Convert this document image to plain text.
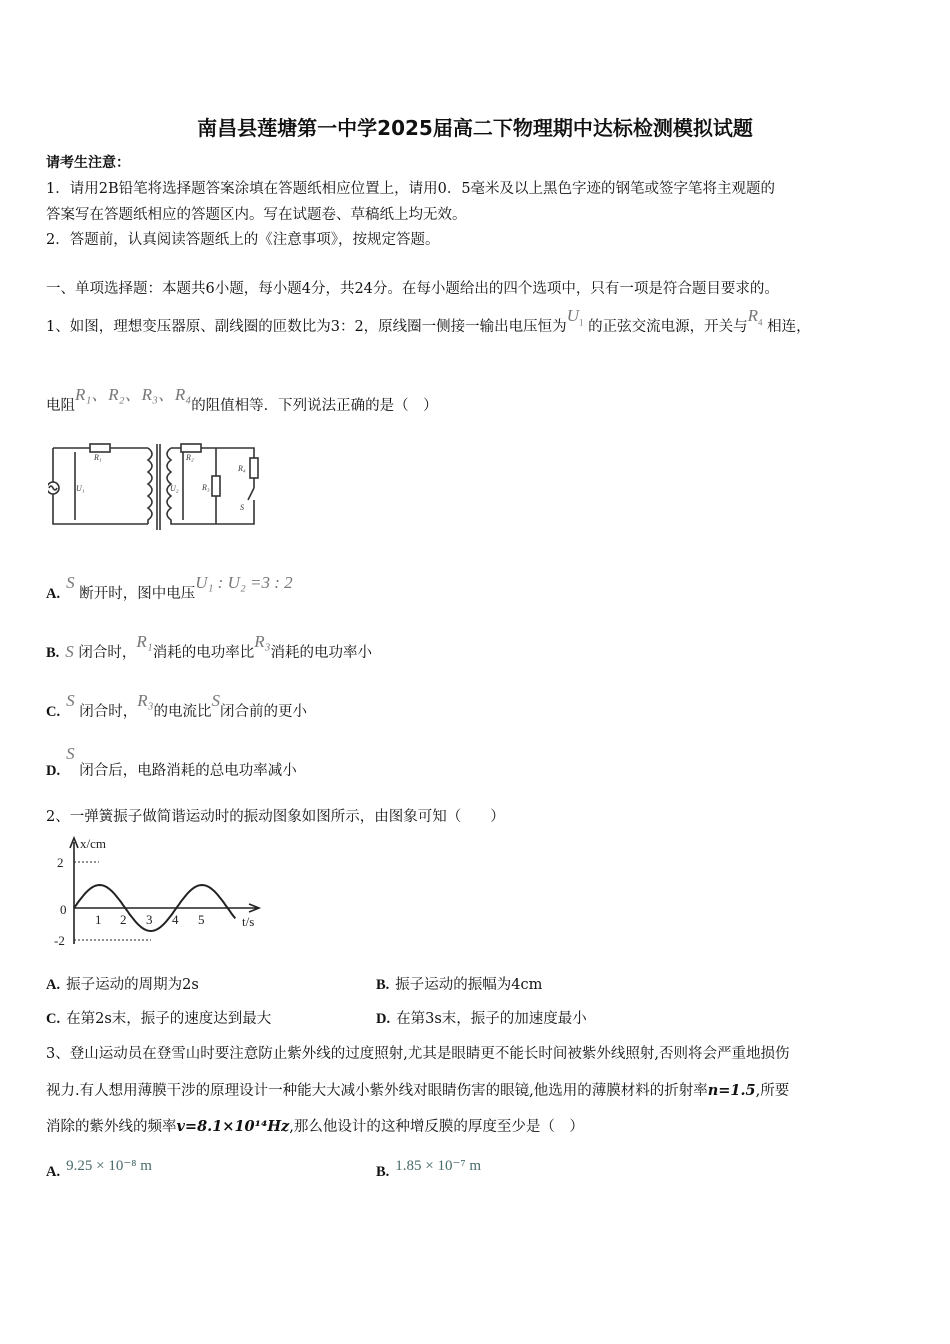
南昌县莲塘第一中学2025届高二下物理期中达标检测模拟试题
请考生注意：
1．请用2B铅笔将选择题答案涂填在答题纸相应位置上，请用0．5毫米及以上黑色字迹的钢笔或签字笔将主观题的
答案写在答题纸相应的答题区内。写在试题卷、草稿纸上均无效。
2．答题前，认真阅读答题纸上的《注意事项》，按规定答题。
一、单项选择题：本题共6小题，每小题4分，共24分。在每小题给出的四个选项中，只有一项是符合题目要求的。
1、如图，理想变压器原、副线圈的匝数比为3：2，原线圈一侧接一输出电压恒为$U_1$ 的正弦交流电源，开关与$R_4$ 相连，
电阻R₁、R₂、R₃、R₄的阻值相等．下列说法正确的是（　）
R₁	R₂
R₃
R₄
U₁	U₂
S
A.S 断开时，图中电压U₁ : U₂ =3 : 2
B. S 闭合时，R₁消耗的电功率比R₃消耗的电功率小
C.S 闭合时，R₃的电流比S闭合前的更小
D.S 闭合后，电路消耗的总电功率减小
2、一弹簧振子做简谐运动时的振动图象如图所示，由图象可知（　　）
x/cm
t/s
2
0
-2
1 2 3 4 5
A. 振子运动的周期为2s	B. 振子运动的振幅为4cm
C. 在第2s末，振子的速度达到最大	D. 在第3s末，振子的加速度最小
3、登山运动员在登雪山时要注意防止紫外线的过度照射,尤其是眼睛更不能长时间被紫外线照射,否则将会严重地损伤
视力.有人想用薄膜干涉的原理设计一种能大大减小紫外线对眼睛伤害的眼镜,他选用的薄膜材料的折射率n=1.5,所要
消除的紫外线的频率v=8.1×10¹⁴Hz,那么他设计的这种增反膜的厚度至少是（　）
A. 9.25 × 10⁻⁸ m	B. 1.85 × 10⁻⁷ m
